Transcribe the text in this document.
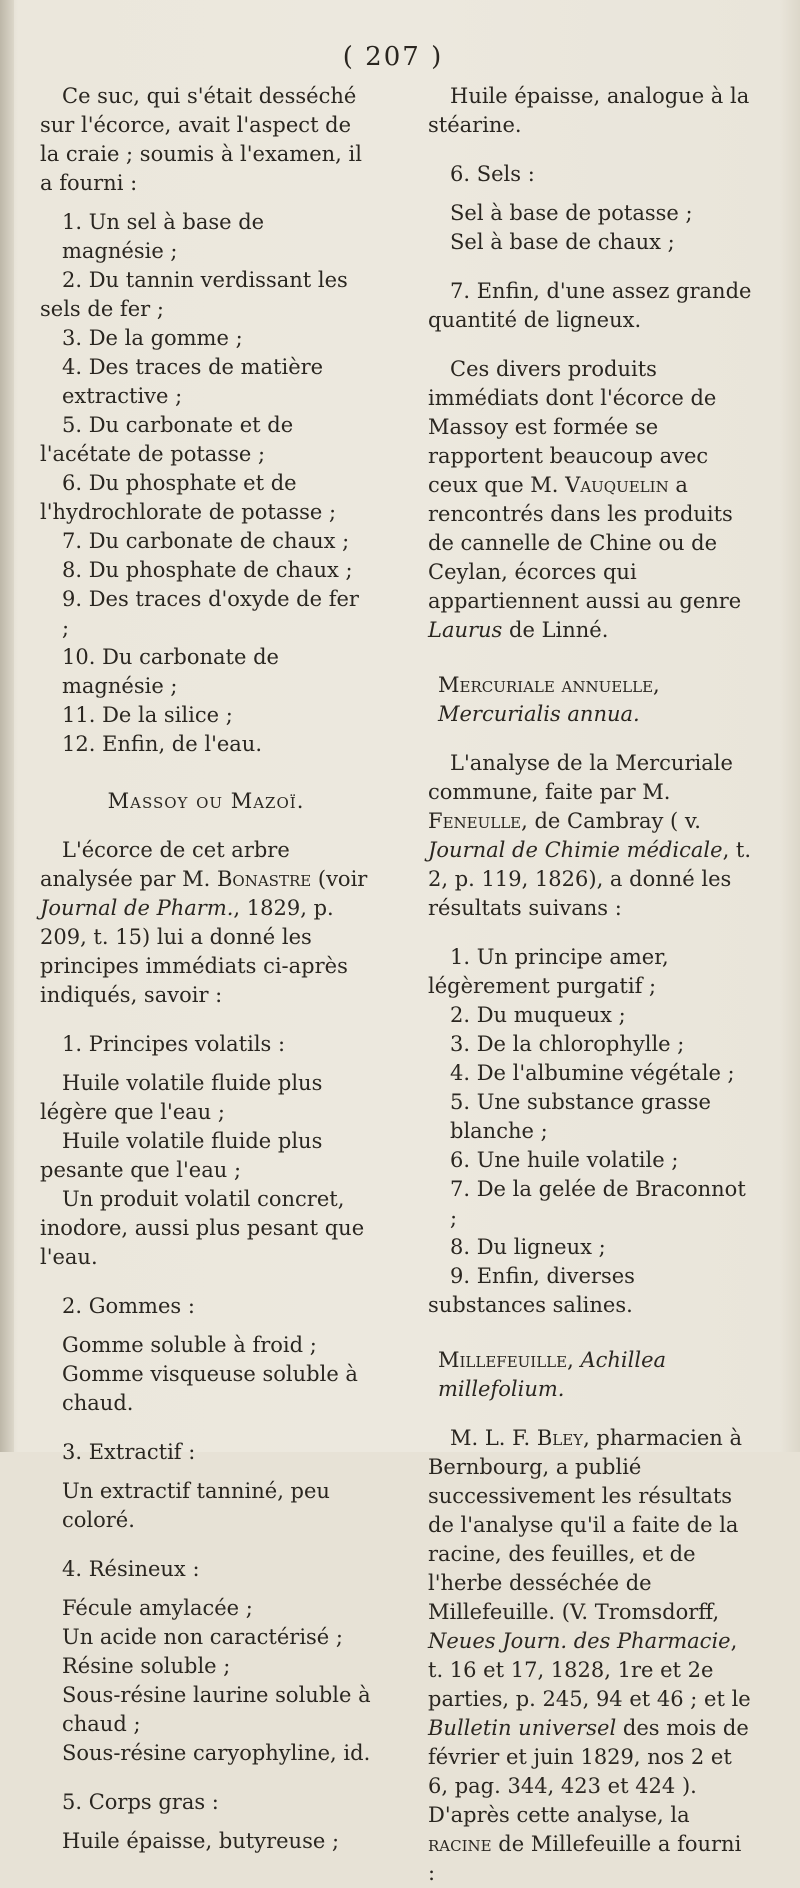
( 207 )

Ce suc, qui s'était desséché sur l'écorce, avait l'aspect de la craie ; soumis à l'examen, il a fourni :

1. Un sel à base de magnésie ;

2. Du tannin verdissant les sels de fer ;

3. De la gomme ;

4. Des traces de matière extractive ;

5. Du carbonate et de l'acétate de potasse ;

6. Du phosphate et de l'hydrochlorate de potasse ;

7. Du carbonate de chaux ;

8. Du phosphate de chaux ;

9. Des traces d'oxyde de fer ;

10. Du carbonate de magnésie ;

11. De la silice ;

12. Enfin, de l'eau.

Massoy ou Mazoï.

L'écorce de cet arbre analysée par M. Bonastre (voir Journal de Pharm., 1829, p. 209, t. 15) lui a donné les principes immédiats ci-après indiqués, savoir :

1. Principes volatils :

Huile volatile fluide plus légère que l'eau ;

Huile volatile fluide plus pesante que l'eau ;

Un produit volatil concret, inodore, aussi plus pesant que l'eau.

2. Gommes :

Gomme soluble à froid ;

Gomme visqueuse soluble à chaud.

3. Extractif :

Un extractif tanniné, peu coloré.

4. Résineux :

Fécule amylacée ;

Un acide non caractérisé ;

Résine soluble ;

Sous-résine laurine soluble à chaud ;

Sous-résine caryophyline, id.

5. Corps gras :

Huile épaisse, butyreuse ;

Huile épaisse, analogue à la stéarine.

6. Sels :

Sel à base de potasse ;

Sel à base de chaux ;

7. Enfin, d'une assez grande quantité de ligneux.

Ces divers produits immédiats dont l'écorce de Massoy est formée se rapportent beaucoup avec ceux que M. Vauquelin a rencontrés dans les produits de cannelle de Chine ou de Ceylan, écorces qui appartiennent aussi au genre Laurus de Linné.

Mercuriale annuelle, Mercurialis annua.

L'analyse de la Mercuriale commune, faite par M. Feneulle, de Cambray ( v. Journal de Chimie médicale, t. 2, p. 119, 1826), a donné les résultats suivans :

1. Un principe amer, légèrement purgatif ;

2. Du muqueux ;

3. De la chlorophylle ;

4. De l'albumine végétale ;

5. Une substance grasse blanche ;

6. Une huile volatile ;

7. De la gelée de Braconnot ;

8. Du ligneux ;

9. Enfin, diverses substances salines.

Millefeuille, Achillea millefolium.

M. L. F. Bley, pharmacien à Bernbourg, a publié successivement les résultats de l'analyse qu'il a faite de la racine, des feuilles, et de l'herbe desséchée de Millefeuille. (V. Tromsdorff, Neues Journ. des Pharmacie, t. 16 et 17, 1828, 1re et 2e parties, p. 245, 94 et 46 ; et le Bulletin universel des mois de février et juin 1829, nos 2 et 6, pag. 344, 423 et 424 ). D'après cette analyse, la racine de Millefeuille a fourni :
